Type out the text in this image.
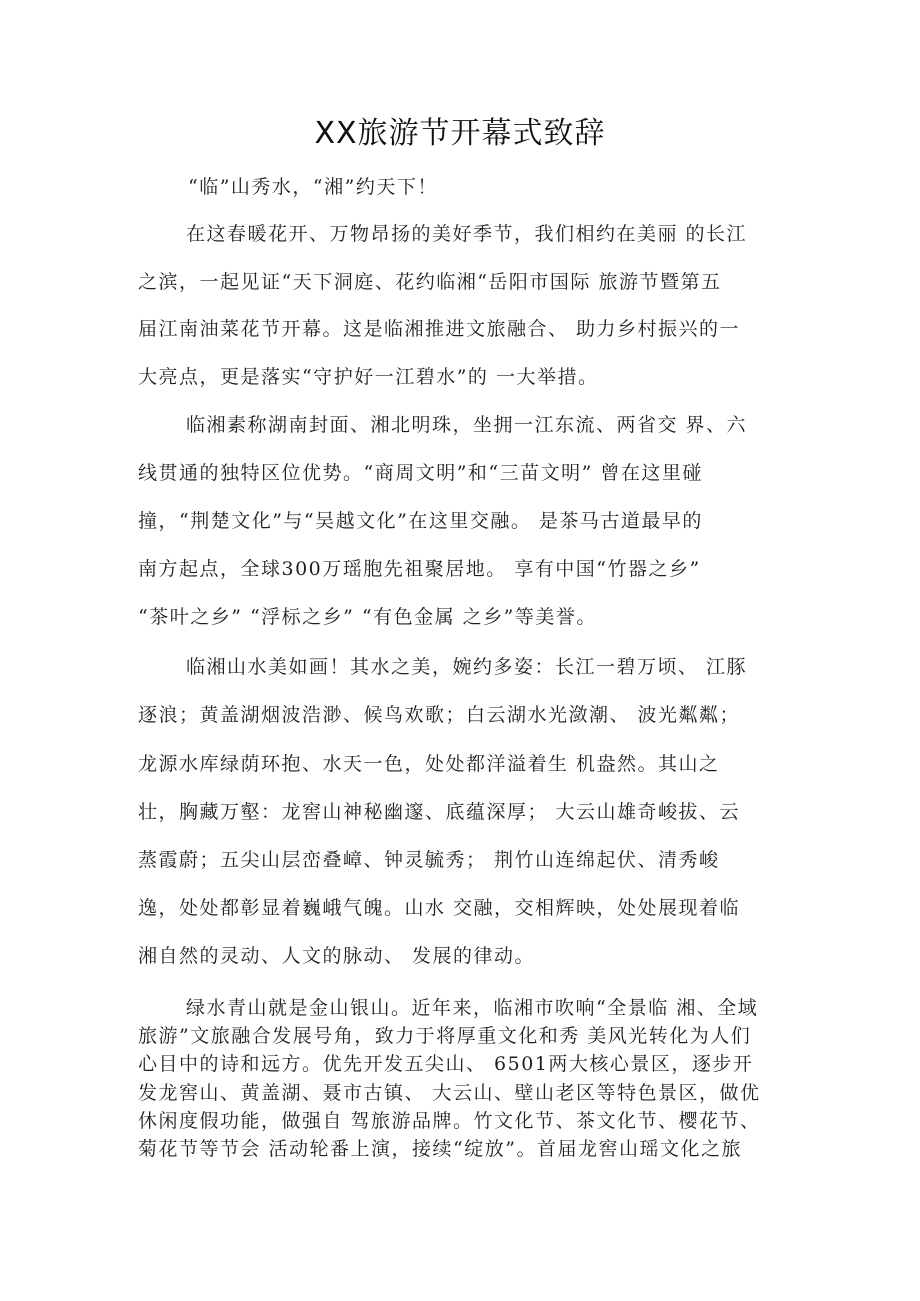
XX旅游节开幕式致辞
“临”山秀水，“湘”约天下！
在这春暖花开、万物昂扬的美好季节，我们相约在美丽 的长江
之滨，一起见证“天下洞庭、花约临湘“岳阳市国际 旅游节暨第五
届江南油菜花节开幕。这是临湘推进文旅融合、 助力乡村振兴的一
大亮点，更是落实“守护好一江碧水”的 一大举措。
临湘素称湖南封面、湘北明珠，坐拥一江东流、两省交 界、六
线贯通的独特区位优势。“商周文明”和“三苗文明” 曾在这里碰
撞，“荆楚文化”与“吴越文化”在这里交融。 是茶马古道最早的
南方起点，全球300万瑶胞先祖聚居地。 享有中国“竹器之乡”
“茶叶之乡” “浮标之乡” “有色金属 之乡”等美誉。
临湘山水美如画！其水之美，婉约多姿：长江一碧万顷、 江豚
逐浪；黄盖湖烟波浩渺、候鸟欢歌；白云湖水光潋潮、 波光粼粼；
龙源水库绿荫环抱、水天一色，处处都洋溢着生 机盎然。其山之
壮，胸藏万壑：龙窖山神秘幽邃、底蕴深厚； 大云山雄奇峻拔、云
蒸霞蔚；五尖山层峦叠嶂、钟灵毓秀； 荆竹山连绵起伏、清秀峻
逸，处处都彰显着巍峨气魄。山水 交融，交相辉映，处处展现着临
湘自然的灵动、人文的脉动、 发展的律动。
绿水青山就是金山银山。近年来，临湘市吹响“全景临 湘、全域
旅游”文旅融合发展号角，致力于将厚重文化和秀 美风光转化为人们
心目中的诗和远方。优先开发五尖山、 6501两大核心景区，逐步开
发龙窖山、黄盖湖、聂市古镇、 大云山、壁山老区等特色景区，做优
休闲度假功能，做强自 驾旅游品牌。竹文化节、茶文化节、樱花节、
菊花节等节会 活动轮番上演，接续“绽放”。首届龙窖山瑶文化之旅
